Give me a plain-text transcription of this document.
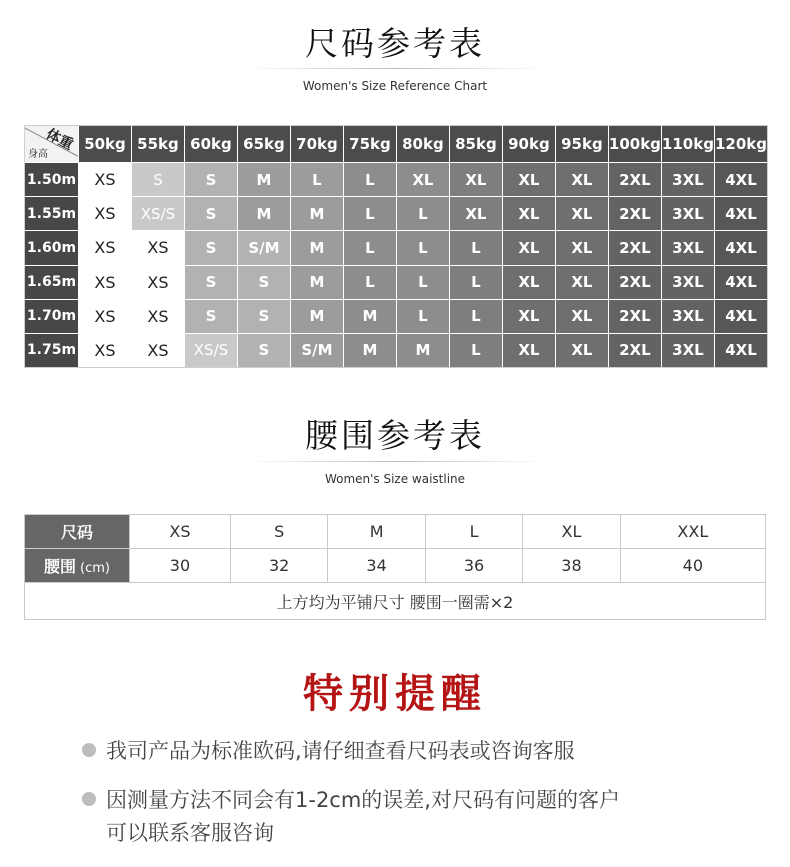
尺码参考表
Women's Size Reference Chart
体重
身高
50kg 55kg 60kg 65kg 70kg 75kg 80kg 85kg 90kg 95kg 100kg 110kg 120kg
1.50m	XS	S	S	M	L	L	XL	XL	XL	XL	2XL	3XL	4XL
1.55m	XS	XS/S	S	M	M	L	L	XL	XL	XL	2XL	3XL	4XL
1.60m	XS	XS	S	S/M	M	L	L	L	XL	XL	2XL	3XL	4XL
1.65m	XS	XS	S	S	M	L	L	L	XL	XL	2XL	3XL	4XL
1.70m	XS	XS	S	S	M	M	L	L	XL	XL	2XL	3XL	4XL
1.75m	XS	XS	XS/S	S	S/M	M	M	L	XL	XL	2XL	3XL	4XL
腰围参考表
Women's Size waistline
尺码	XS	S	M	L	XL	XXL
腰围 (cm)	30	32	34	36	38	40
上方均为平铺尺寸 腰围一圈需×2						
特别提醒
我司产品为标准欧码,请仔细查看尺码表或咨询客服
因测量方法不同会有1-2cm的误差,对尺码有问题的客户
可以联系客服咨询
